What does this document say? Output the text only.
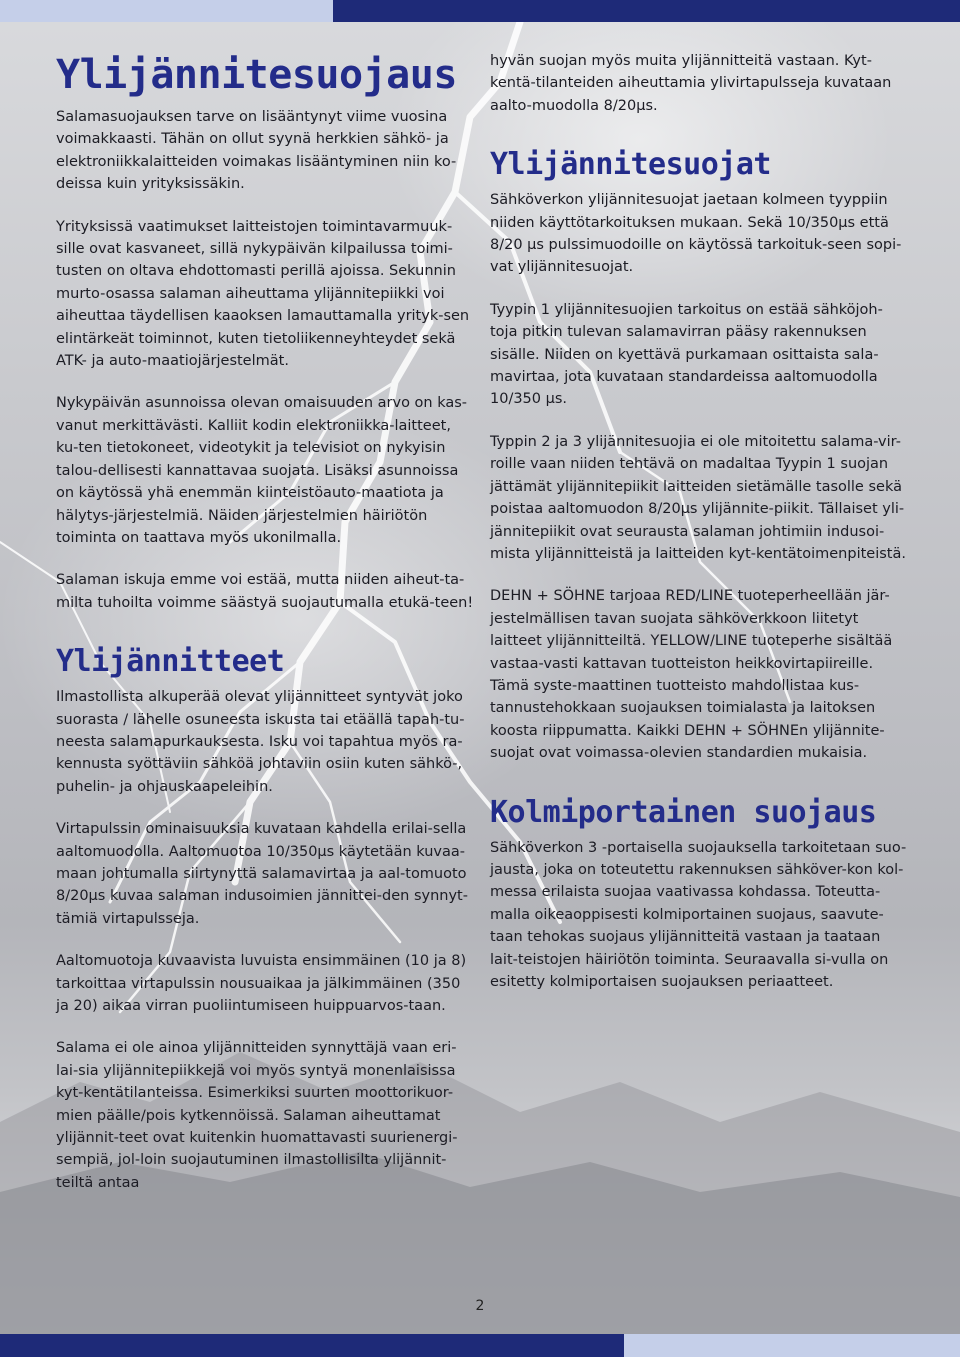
Ylijännitesuojaus

Salamasuojauksen tarve on lisääntynyt viime vuosina voimakkaasti. Tähän on ollut syynä herkkien sähkö- ja elektroniikkalaitteiden voimakas lisääntyminen niin ko-deissa kuin yrityksissäkin.

Yrityksissä vaatimukset laitteistojen toimintavarmuuk-sille ovat kasvaneet, sillä nykypäivän kilpailussa toimi-tusten on oltava ehdottomasti perillä ajoissa. Sekunnin murto-osassa salaman aiheuttama ylijännitepiikki voi aiheuttaa täydellisen kaaoksen lamauttamalla yrityk-sen elintärkeät toiminnot, kuten tietoliikenneyhteydet sekä ATK- ja auto-maatiojärjestelmät.

Nykypäivän asunnoissa olevan omaisuuden arvo on kas-vanut merkittävästi. Kalliit kodin elektroniikka-laitteet, ku-ten tietokoneet, videotykit ja televisiot on nykyisin talou-dellisesti kannattavaa suojata. Lisäksi asunnoissa on käytössä yhä enemmän kiinteistöauto-maatiota ja hälytys-järjestelmiä. Näiden järjestelmien häiriötön toiminta on taattava myös ukonilmalla.

Salaman iskuja emme voi estää, mutta niiden aiheut-ta-milta tuhoilta voimme säästyä suojautumalla etukä-teen!

Ylijännitteet

Ilmastollista alkuperää olevat ylijännitteet syntyvät joko suorasta / lähelle osuneesta iskusta tai etäällä tapah-tu-neesta salamapurkauksesta. Isku voi tapahtua myös ra-kennusta syöttäviin sähköä johtaviin osiin kuten sähkö-, puhelin- ja ohjauskaapeleihin.

Virtapulssin ominaisuuksia kuvataan kahdella erilai-sella aaltomuodolla. Aaltomuotoa 10/350µs käytetään kuvaa-maan johtumalla siirtynyttä salamavirtaa ja aal-tomuoto 8/20µs kuvaa salaman indusoimien jännittei-den synnyt-tämiä virtapulsseja.

Aaltomuotoja kuvaavista luvuista ensimmäinen (10 ja 8) tarkoittaa virtapulssin nousuaikaa ja jälkimmäinen (350 ja 20) aikaa virran puoliintumiseen huippuarvos-taan.

Salama ei ole ainoa ylijännitteiden synnyttäjä vaan eri-lai-sia ylijännitepiikkejä voi myös syntyä monenlaisissa kyt-kentätilanteissa. Esimerkiksi suurten moottorikuor-mien päälle/pois kytkennöissä. Salaman aiheuttamat ylijännit-teet ovat kuitenkin huomattavasti suurienergi-sempiä, jol-loin suojautuminen ilmastollisilta ylijännit-teiltä antaa

hyvän suojan myös muita ylijännitteitä vastaan. Kyt-kentä-tilanteiden aiheuttamia ylivirtapulsseja kuvataan aalto-muodolla 8/20µs.

Ylijännitesuojat

Sähköverkon ylijännitesuojat jaetaan kolmeen tyyppiin niiden käyttötarkoituksen mukaan. Sekä 10/350µs että 8/20 µs pulssimuodoille on käytössä tarkoituk-seen sopi-vat ylijännitesuojat.

Tyypin 1 ylijännitesuojien tarkoitus on estää sähköjoh-toja pitkin tulevan salamavirran pääsy rakennuksen sisälle. Niiden on kyettävä purkamaan osittaista sala-mavirtaa, jota kuvataan standardeissa aaltomuodolla 10/350 µs.

Typpin 2 ja 3 ylijännitesuojia ei ole mitoitettu salama-vir-roille vaan niiden tehtävä on madaltaa Tyypin 1 suojan jättämät ylijännitepiikit laitteiden sietämälle tasolle sekä poistaa aaltomuodon 8/20µs ylijännite-piikit. Tällaiset yli-jännitepiikit ovat seurausta salaman johtimiin indusoi-mista ylijännitteistä ja laitteiden kyt-kentätoimenpiteistä.

DEHN + SÖHNE tarjoaa RED/LINE tuoteperheellään jär-jestelmällisen tavan suojata sähköverkkoon liitetyt laitteet ylijännitteiltä. YELLOW/LINE tuoteperhe sisältää vastaa-vasti kattavan tuotteiston heikkovirtapiireille. Tämä syste-maattinen tuotteisto mahdollistaa kus-tannustehokkaan suojauksen toimialasta ja laitoksen koosta riippumatta. Kaikki DEHN + SÖHNEn ylijännite-suojat ovat voimassa-olevien standardien mukaisia.

Kolmiportainen suojaus

Sähköverkon 3 -portaisella suojauksella tarkoitetaan suo-jausta, joka on toteutettu rakennuksen sähköver-kon kol-messa erilaista suojaa vaativassa kohdassa. Toteutta-malla oikeaoppisesti kolmiportainen suojaus, saavute-taan tehokas suojaus ylijännitteitä vastaan ja taataan lait-teistojen häiriötön toiminta. Seuraavalla si-vulla on esitetty kolmiportaisen suojauksen periaatteet.

2
